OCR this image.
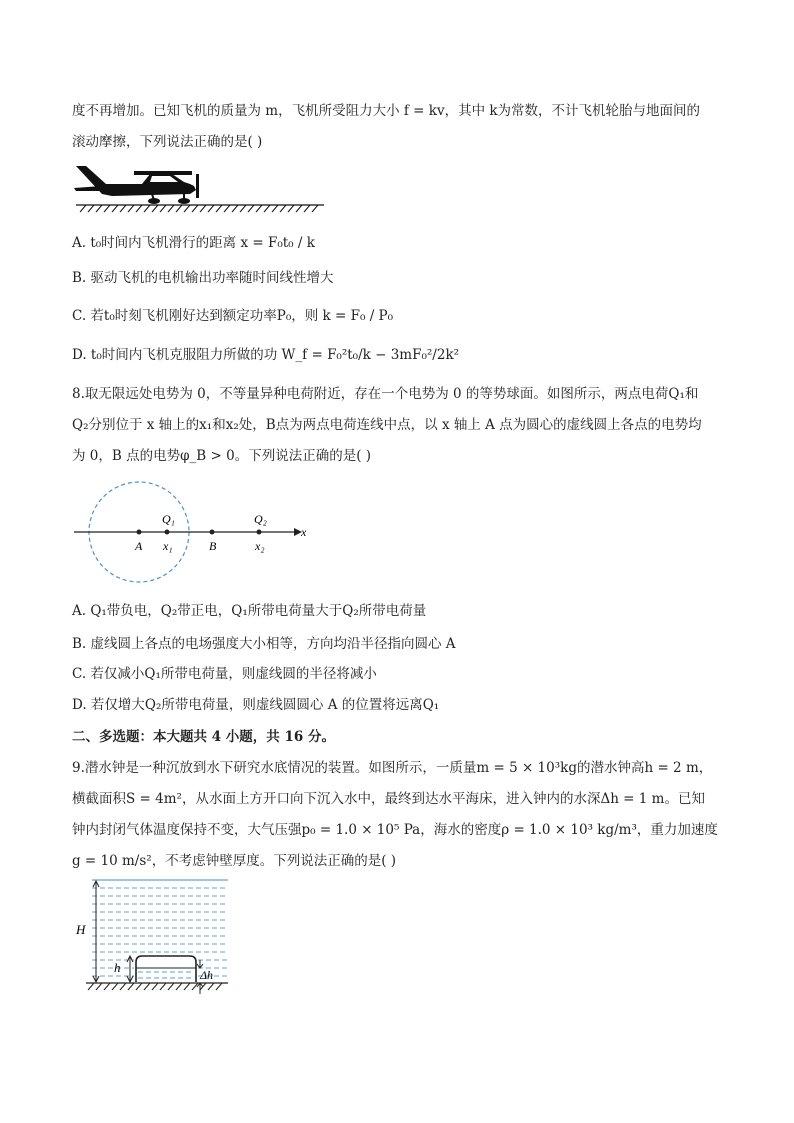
度不再增加。已知飞机的质量为 m，飞机所受阻力大小 f = kv，其中 k为常数，不计飞机轮胎与地面间的
滚动摩擦，下列说法正确的是( )
A. t₀时间内飞机滑行的距离 x = F₀t₀ / k
B. 驱动飞机的电机输出功率随时间线性增大
C. 若t₀时刻飞机刚好达到额定功率P₀，则 k = F₀ / P₀
D. t₀时间内飞机克服阻力所做的功 W_f = F₀²t₀/k − 3mF₀²/2k²
8.取无限远处电势为 0，不等量异种电荷附近，存在一个电势为 0 的等势球面。如图所示，两点电荷Q₁和
Q₂分别位于 x 轴上的x₁和x₂处，B点为两点电荷连线中点，以 x 轴上 A 点为圆心的虚线圆上各点的电势均
为 0，B 点的电势φ_B > 0。下列说法正确的是( )
A x₁
Q₁
B
Q₂
x₂
x
A. Q₁带负电，Q₂带正电，Q₁所带电荷量大于Q₂所带电荷量
B. 虚线圆上各点的电场强度大小相等，方向均沿半径指向圆心 A
C. 若仅减小Q₁所带电荷量，则虚线圆的半径将减小
D. 若仅增大Q₂所带电荷量，则虚线圆圆心 A 的位置将远离Q₁
二、多选题：本大题共 4 小题，共 16 分。
9.潜水钟是一种沉放到水下研究水底情况的装置。如图所示，一质量m = 5 × 10³kg的潜水钟高h = 2 m，
横截面积S = 4m²，从水面上方开口向下沉入水中，最终到达水平海床，进入钟内的水深Δh = 1 m。已知
钟内封闭气体温度保持不变，大气压强p₀ = 1.0 × 10⁵ Pa，海水的密度ρ = 1.0 × 10³ kg/m³，重力加速度
g = 10 m/s²，不考虑钟壁厚度。下列说法正确的是( )
H
h	Δh
